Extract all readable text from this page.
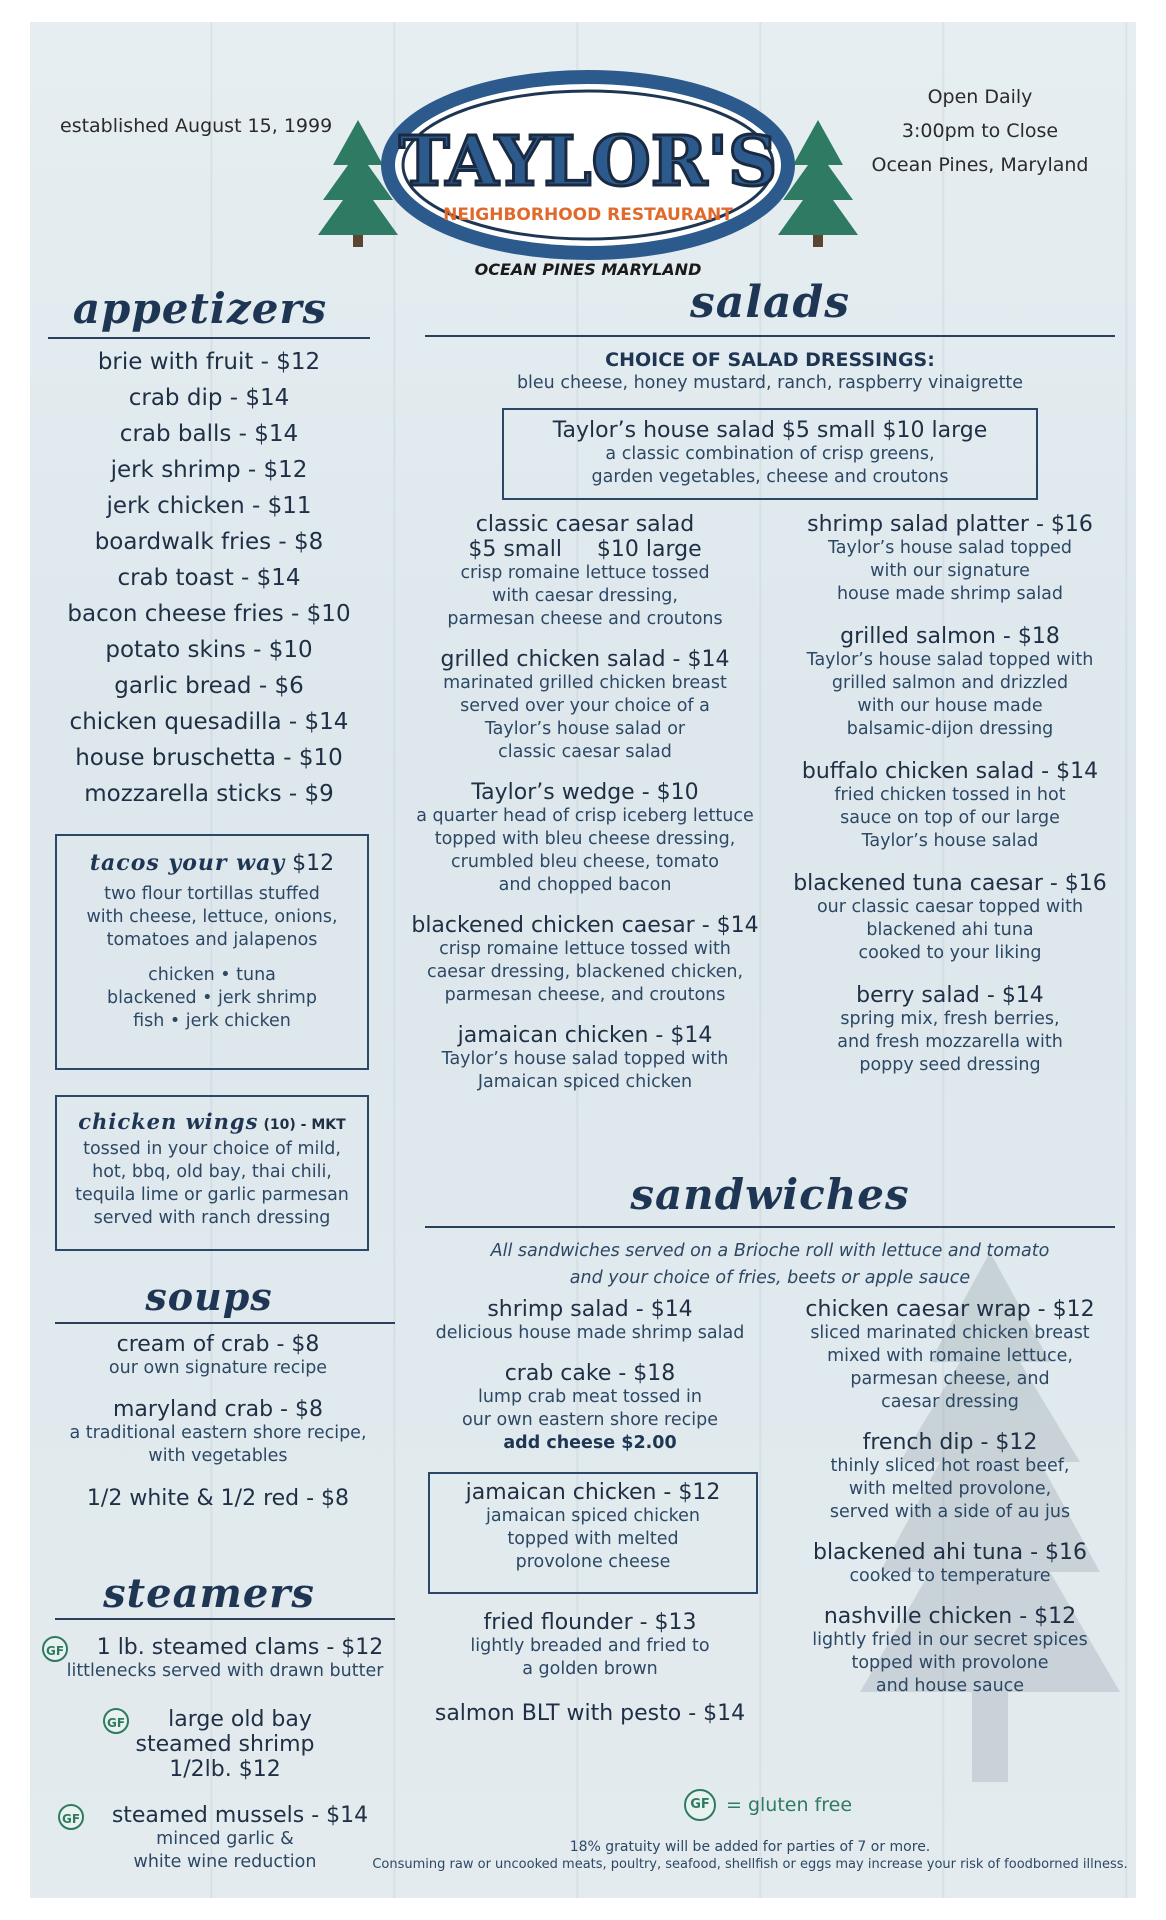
established August 15, 1999 TAYLOR'S
NEIGHBORHOOD RESTAURANT
OCEAN PINES MARYLAND
Open Daily
3:00pm to Close
Ocean Pines, Maryland
appetizers
brie with fruit - $12
crab dip - $14
crab balls - $14
jerk shrimp - $12
jerk chicken - $11
boardwalk fries - $8
crab toast - $14
bacon cheese fries - $10
potato skins - $10
garlic bread - $6
chicken quesadilla - $14
house bruschetta - $10
mozzarella sticks - $9
tacos your way $12
two flour tortillas stuffed
with cheese, lettuce, onions,
tomatoes and jalapenos
chicken • tuna
blackened • jerk shrimp
fish • jerk chicken
chicken wings (10) - MKT
tossed in your choice of mild,
hot, bbq, old bay, thai chili,
tequila lime or garlic parmesan
served with ranch dressing
soups
cream of crab - $8
our own signature recipe
maryland crab - $8
a traditional eastern shore recipe,
with vegetables
1/2 white & 1/2 red - $8
steamers
GF	1 lb. steamed clams - $12
littlenecks served with drawn butter
GF	large old bay
steamed shrimp
1/2lb. $12
GF	steamed mussels - $14
minced garlic &
white wine reduction
salads
CHOICE OF SALAD DRESSINGS:
bleu cheese, honey mustard, ranch, raspberry vinaigrette
Taylor’s house salad $5 small $10 large
a classic combination of crisp greens,
garden vegetables, cheese and croutons
classic caesar salad
$5 small     $10 large
crisp romaine lettuce tossed
with caesar dressing,
parmesan cheese and croutons
grilled chicken salad - $14
marinated grilled chicken breast
served over your choice of a
Taylor’s house salad or
classic caesar salad
Taylor’s wedge - $10
a quarter head of crisp iceberg lettuce
topped with bleu cheese dressing,
crumbled bleu cheese, tomato
and chopped bacon
blackened chicken caesar - $14
crisp romaine lettuce tossed with
caesar dressing, blackened chicken,
parmesan cheese, and croutons
jamaican chicken - $14
Taylor’s house salad topped with
Jamaican spiced chicken
shrimp salad platter - $16
Taylor’s house salad topped
with our signature
house made shrimp salad
grilled salmon - $18
Taylor’s house salad topped with
grilled salmon and drizzled
with our house made
balsamic-dijon dressing
buffalo chicken salad - $14
fried chicken tossed in hot
sauce on top of our large
Taylor’s house salad
blackened tuna caesar - $16
our classic caesar topped with
blackened ahi tuna
cooked to your liking
berry salad - $14
spring mix, fresh berries,
and fresh mozzarella with
poppy seed dressing
sandwiches
All sandwiches served on a Brioche roll with lettuce and tomato
and your choice of fries, beets or apple sauce
shrimp salad - $14
delicious house made shrimp salad
crab cake - $18
lump crab meat tossed in
our own eastern shore recipe
add cheese $2.00
jamaican chicken - $12
jamaican spiced chicken
topped with melted
provolone cheese
fried flounder - $13
lightly breaded and fried to
a golden brown
salmon BLT with pesto - $14
chicken caesar wrap - $12
sliced marinated chicken breast
mixed with romaine lettuce,
parmesan cheese, and
caesar dressing
french dip - $12
thinly sliced hot roast beef,
with melted provolone,
served with a side of au jus
blackened ahi tuna - $16
cooked to temperature
nashville chicken - $12
lightly fried in our secret spices
topped with provolone
and house sauce
GF = gluten free
18% gratuity will be added for parties of 7 or more.
Consuming raw or uncooked meats, poultry, seafood, shellfish or eggs may increase your risk of foodborned illness.
